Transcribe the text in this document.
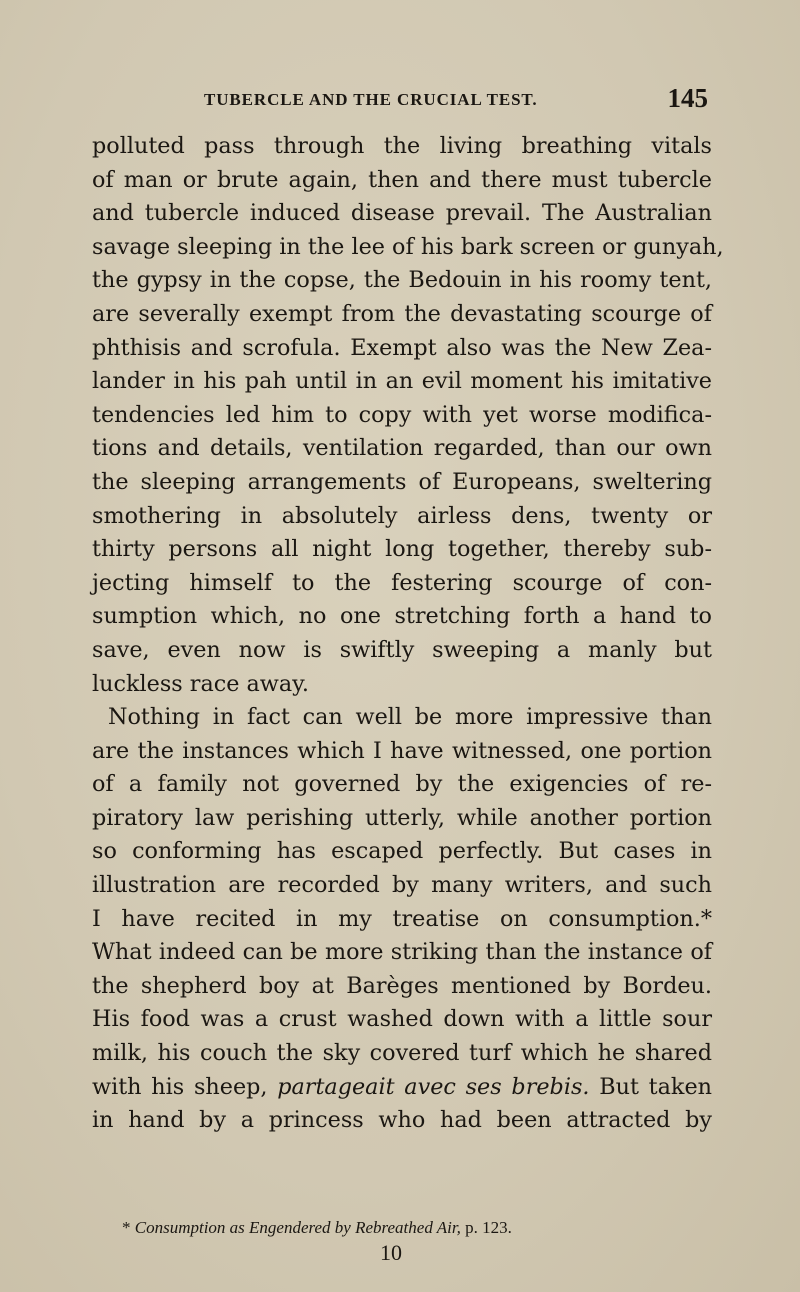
TUBERCLE AND THE CRUCIAL TEST.	145
polluted pass through the living breathing vitals
of man or brute again, then and there must tubercle
and tubercle induced disease prevail. The Australian
savage sleeping in the lee of his bark screen or gunyah,
the gypsy in the copse, the Bedouin in his roomy tent,
are severally exempt from the devastating scourge of
phthisis and scrofula. Exempt also was the New Zea-
lander in his pah until in an evil moment his imitative
tendencies led him to copy with yet worse modifica-
tions and details, ventilation regarded, than our own
the sleeping arrangements of Europeans, sweltering
smothering in absolutely airless dens, twenty or
thirty persons all night long together, thereby sub-
jecting himself to the festering scourge of con-
sumption which, no one stretching forth a hand to
save, even now is swiftly sweeping a manly but
luckless race away.
Nothing in fact can well be more impressive than
are the instances which I have witnessed, one portion
of a family not governed by the exigencies of re-
piratory law perishing utterly, while another portion
so conforming has escaped perfectly. But cases in
illustration are recorded by many writers, and such
I have recited in my treatise on consumption.*
What indeed can be more striking than the instance of
the shepherd boy at Barèges mentioned by Bordeu.
His food was a crust washed down with a little sour
milk, his couch the sky covered turf which he shared
with his sheep, partageait avec ses brebis. But taken
in hand by a princess who had been attracted by
* Consumption as Engendered by Rebreathed Air, p. 123.
10
